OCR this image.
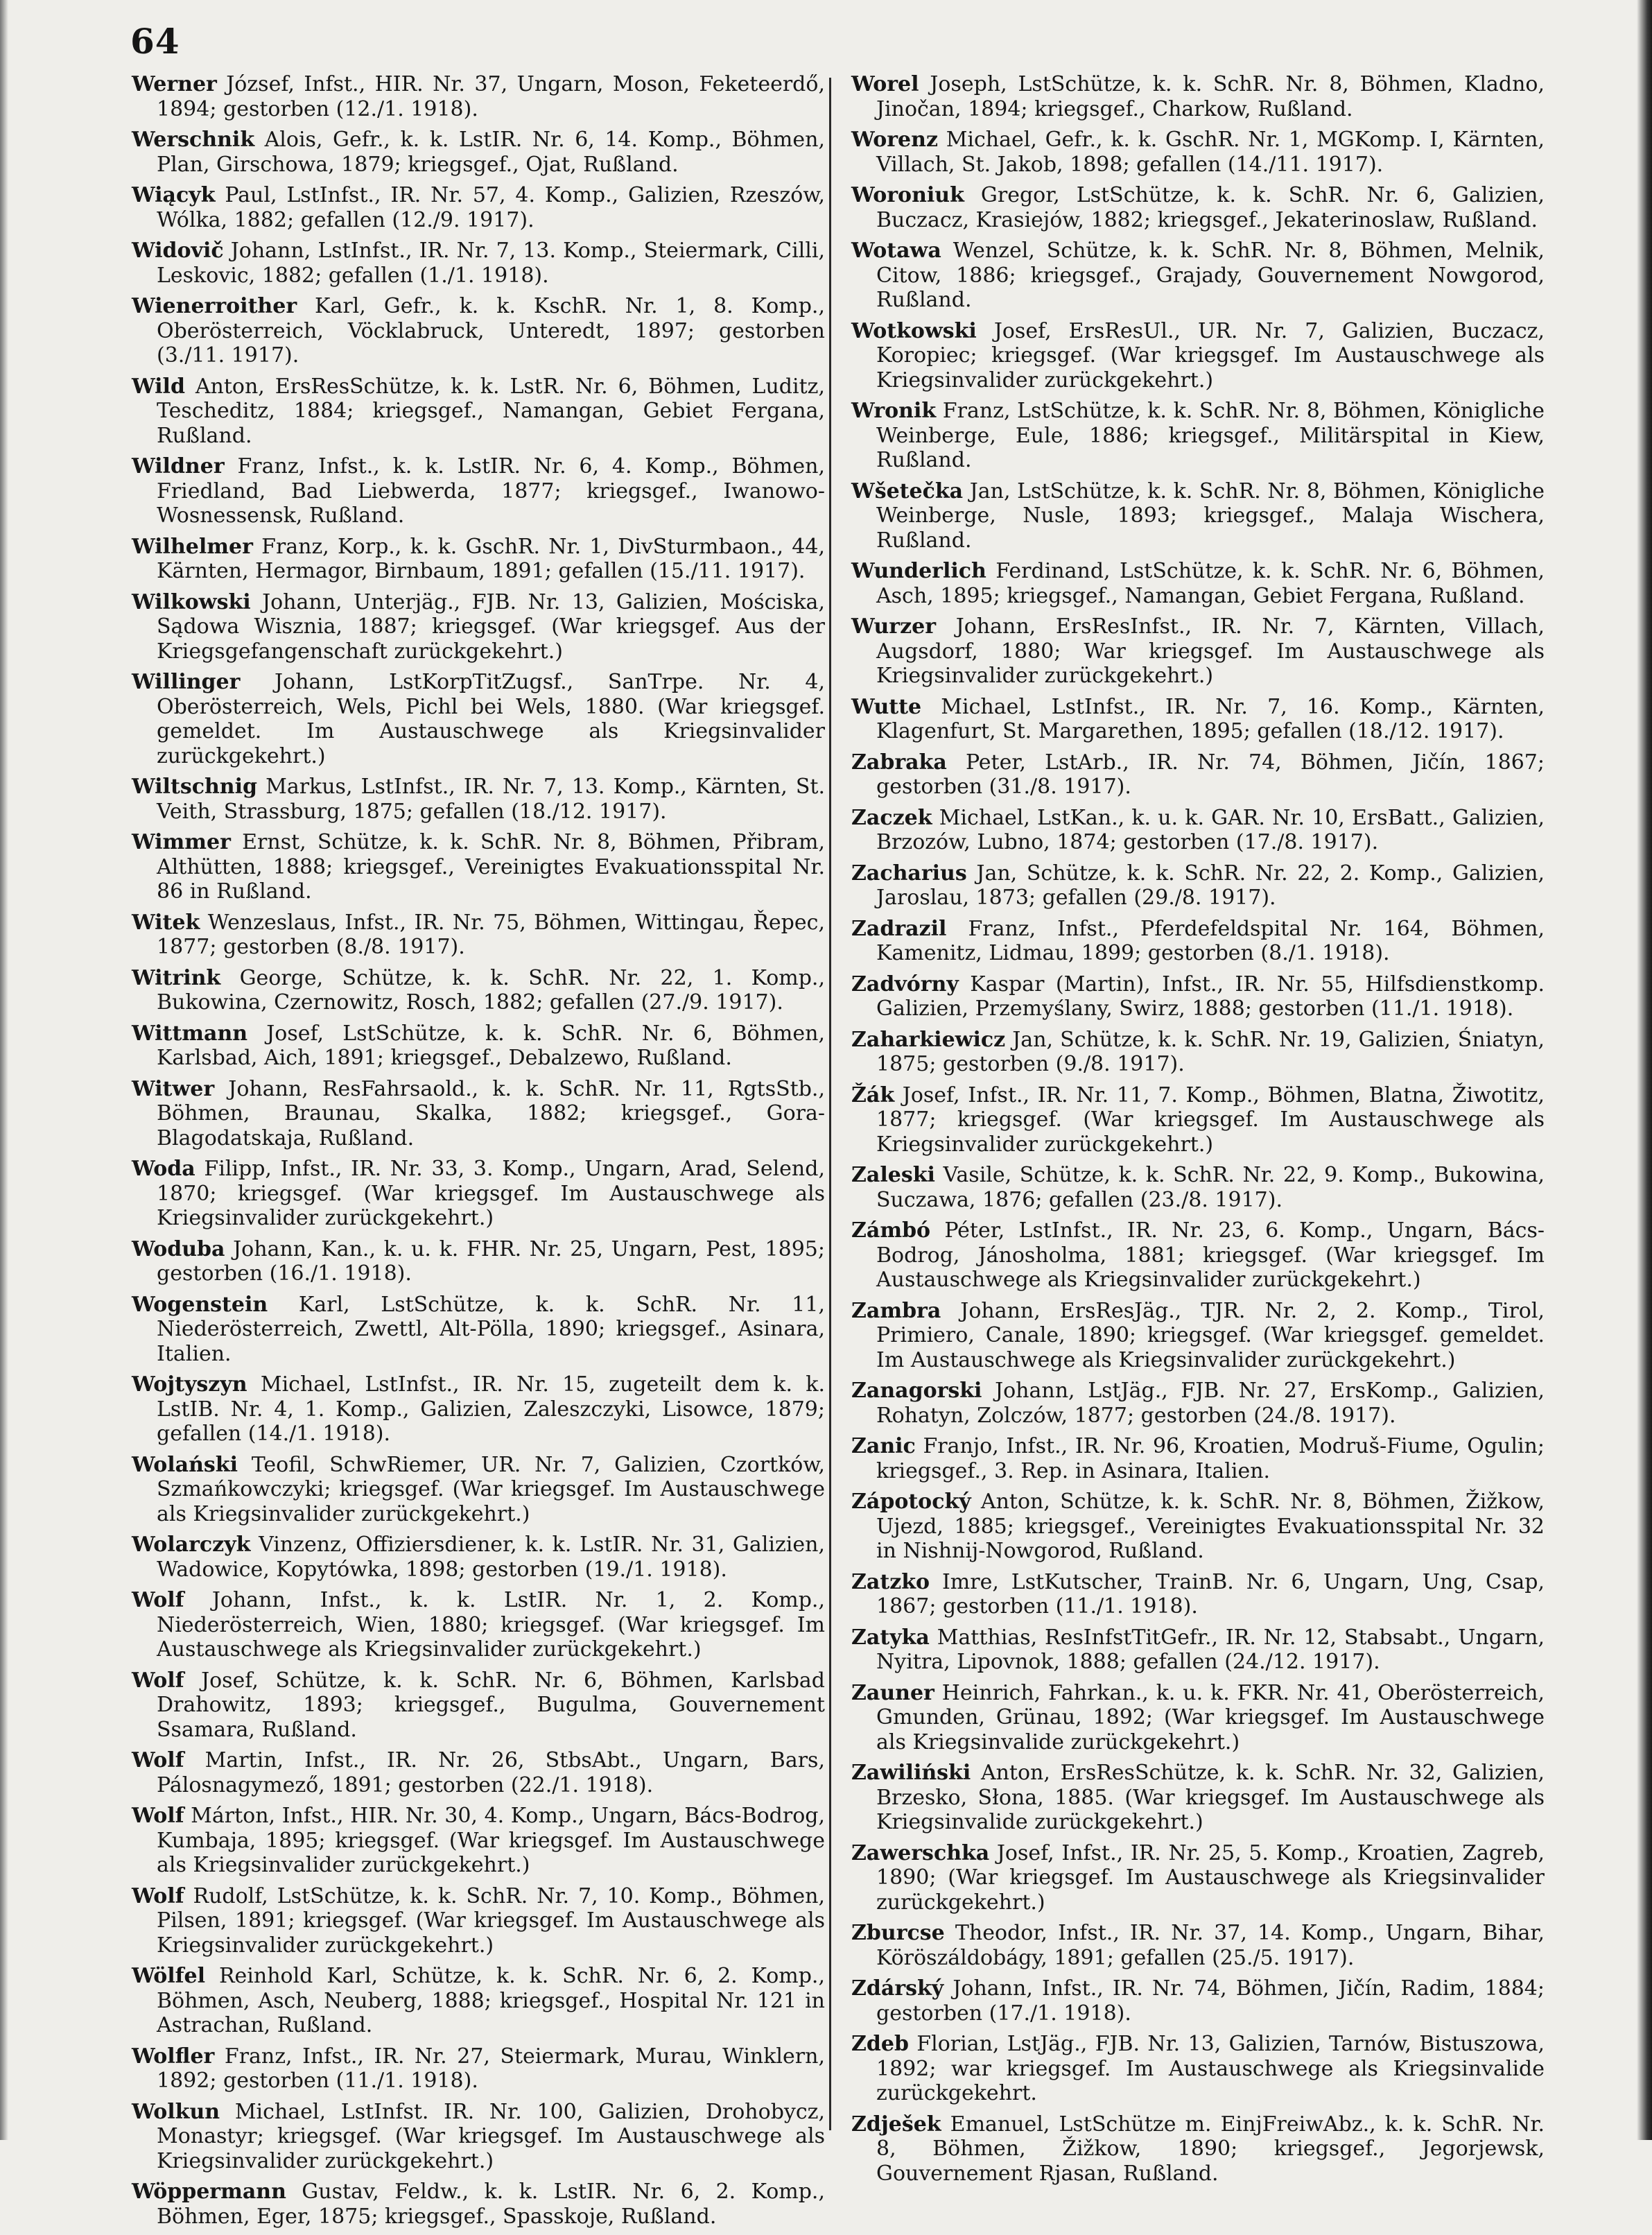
64
Werner József, Infst., HIR. Nr. 37, Ungarn, Moson, Feketeerdő, 1894; gestorben (12./1. 1918).
Werschnik Alois, Gefr., k. k. LstIR. Nr. 6, 14. Komp., Böhmen, Plan, Girschowa, 1879; kriegsgef., Ojat, Rußland.
Wiącyk Paul, LstInfst., IR. Nr. 57, 4. Komp., Galizien, Rzeszów, Wólka, 1882; gefallen (12./9. 1917).
Widovič Johann, LstInfst., IR. Nr. 7, 13. Komp., Steiermark, Cilli, Leskovic, 1882; gefallen (1./1. 1918).
Wienerroither Karl, Gefr., k. k. KschR. Nr. 1, 8. Komp., Oberösterreich, Vöcklabruck, Unteredt, 1897; gestorben (3./11. 1917).
Wild Anton, ErsResSchütze, k. k. LstR. Nr. 6, Böhmen, Luditz, Tescheditz, 1884; kriegsgef., Namangan, Gebiet Fergana, Rußland.
Wildner Franz, Infst., k. k. LstIR. Nr. 6, 4. Komp., Böhmen, Friedland, Bad Liebwerda, 1877; kriegsgef., Iwanowo-Wosnessensk, Rußland.
Wilhelmer Franz, Korp., k. k. GschR. Nr. 1, DivSturmbaon., 44, Kärnten, Hermagor, Birnbaum, 1891; gefallen (15./11. 1917).
Wilkowski Johann, Unterjäg., FJB. Nr. 13, Galizien, Mościska, Sądowa Wisznia, 1887; kriegsgef. (War kriegsgef. Aus der Kriegsgefangenschaft zurückgekehrt.)
Willinger Johann, LstKorpTitZugsf., SanTrpe. Nr. 4, Oberösterreich, Wels, Pichl bei Wels, 1880. (War kriegsgef. gemeldet. Im Austauschwege als Kriegsinvalider zurückgekehrt.)
Wiltschnig Markus, LstInfst., IR. Nr. 7, 13. Komp., Kärnten, St. Veith, Strassburg, 1875; gefallen (18./12. 1917).
Wimmer Ernst, Schütze, k. k. SchR. Nr. 8, Böhmen, Přibram, Althütten, 1888; kriegsgef., Vereinigtes Evakuationsspital Nr. 86 in Rußland.
Witek Wenzeslaus, Infst., IR. Nr. 75, Böhmen, Wittingau, Řepec, 1877; gestorben (8./8. 1917).
Witrink George, Schütze, k. k. SchR. Nr. 22, 1. Komp., Bukowina, Czernowitz, Rosch, 1882; gefallen (27./9. 1917).
Wittmann Josef, LstSchütze, k. k. SchR. Nr. 6, Böhmen, Karlsbad, Aich, 1891; kriegsgef., Debalzewo, Rußland.
Witwer Johann, ResFahrsaold., k. k. SchR. Nr. 11, RgtsStb., Böhmen, Braunau, Skalka, 1882; kriegsgef., Gora-Blagodatskaja, Rußland.
Woda Filipp, Infst., IR. Nr. 33, 3. Komp., Ungarn, Arad, Selend, 1870; kriegsgef. (War kriegsgef. Im Austauschwege als Kriegsinvalider zurückgekehrt.)
Woduba Johann, Kan., k. u. k. FHR. Nr. 25, Ungarn, Pest, 1895; gestorben (16./1. 1918).
Wogenstein Karl, LstSchütze, k. k. SchR. Nr. 11, Niederösterreich, Zwettl, Alt-Pölla, 1890; kriegsgef., Asinara, Italien.
Wojtyszyn Michael, LstInfst., IR. Nr. 15, zugeteilt dem k. k. LstIB. Nr. 4, 1. Komp., Galizien, Zaleszczyki, Lisowce, 1879; gefallen (14./1. 1918).
Wolański Teofil, SchwRiemer, UR. Nr. 7, Galizien, Czortków, Szmańkowczyki; kriegsgef. (War kriegsgef. Im Austauschwege als Kriegsinvalider zurückgekehrt.)
Wolarczyk Vinzenz, Offiziersdiener, k. k. LstIR. Nr. 31, Galizien, Wadowice, Kopytówka, 1898; gestorben (19./1. 1918).
Wolf Johann, Infst., k. k. LstIR. Nr. 1, 2. Komp., Niederösterreich, Wien, 1880; kriegsgef. (War kriegsgef. Im Austauschwege als Kriegsinvalider zurückgekehrt.)
Wolf Josef, Schütze, k. k. SchR. Nr. 6, Böhmen, Karlsbad Drahowitz, 1893; kriegsgef., Bugulma, Gouvernement Ssamara, Rußland.
Wolf Martin, Infst., IR. Nr. 26, StbsAbt., Ungarn, Bars, Pálosnagymező, 1891; gestorben (22./1. 1918).
Wolf Márton, Infst., HIR. Nr. 30, 4. Komp., Ungarn, Bács-Bodrog, Kumbaja, 1895; kriegsgef. (War kriegsgef. Im Austauschwege als Kriegsinvalider zurückgekehrt.)
Wolf Rudolf, LstSchütze, k. k. SchR. Nr. 7, 10. Komp., Böhmen, Pilsen, 1891; kriegsgef. (War kriegsgef. Im Austauschwege als Kriegsinvalider zurückgekehrt.)
Wölfel Reinhold Karl, Schütze, k. k. SchR. Nr. 6, 2. Komp., Böhmen, Asch, Neuberg, 1888; kriegsgef., Hospital Nr. 121 in Astrachan, Rußland.
Wolfler Franz, Infst., IR. Nr. 27, Steiermark, Murau, Winklern, 1892; gestorben (11./1. 1918).
Wolkun Michael, LstInfst. IR. Nr. 100, Galizien, Drohobycz, Monastyr; kriegsgef. (War kriegsgef. Im Austauschwege als Kriegsinvalider zurückgekehrt.)
Wöppermann Gustav, Feldw., k. k. LstIR. Nr. 6, 2. Komp., Böhmen, Eger, 1875; kriegsgef., Spasskoje, Rußland.
Worel Joseph, LstSchütze, k. k. SchR. Nr. 8, Böhmen, Kladno, Jinočan, 1894; kriegsgef., Charkow, Rußland.
Worenz Michael, Gefr., k. k. GschR. Nr. 1, MGKomp. I, Kärnten, Villach, St. Jakob, 1898; gefallen (14./11. 1917).
Woroniuk Gregor, LstSchütze, k. k. SchR. Nr. 6, Galizien, Buczacz, Krasiejów, 1882; kriegsgef., Jekaterinoslaw, Rußland.
Wotawa Wenzel, Schütze, k. k. SchR. Nr. 8, Böhmen, Melnik, Citow, 1886; kriegsgef., Grajady, Gouvernement Nowgorod, Rußland.
Wotkowski Josef, ErsResUl., UR. Nr. 7, Galizien, Buczacz, Koropiec; kriegsgef. (War kriegsgef. Im Austauschwege als Kriegsinvalider zurückgekehrt.)
Wronik Franz, LstSchütze, k. k. SchR. Nr. 8, Böhmen, Königliche Weinberge, Eule, 1886; kriegsgef., Militärspital in Kiew, Rußland.
Wšetečka Jan, LstSchütze, k. k. SchR. Nr. 8, Böhmen, Königliche Weinberge, Nusle, 1893; kriegsgef., Malaja Wischera, Rußland.
Wunderlich Ferdinand, LstSchütze, k. k. SchR. Nr. 6, Böhmen, Asch, 1895; kriegsgef., Namangan, Gebiet Fergana, Rußland.
Wurzer Johann, ErsResInfst., IR. Nr. 7, Kärnten, Villach, Augsdorf, 1880; War kriegsgef. Im Austauschwege als Kriegsinvalider zurückgekehrt.)
Wutte Michael, LstInfst., IR. Nr. 7, 16. Komp., Kärnten, Klagenfurt, St. Margarethen, 1895; gefallen (18./12. 1917).
Zabraka Peter, LstArb., IR. Nr. 74, Böhmen, Jičín, 1867; gestorben (31./8. 1917).
Zaczek Michael, LstKan., k. u. k. GAR. Nr. 10, ErsBatt., Galizien, Brzozów, Lubno, 1874; gestorben (17./8. 1917).
Zacharius Jan, Schütze, k. k. SchR. Nr. 22, 2. Komp., Galizien, Jaroslau, 1873; gefallen (29./8. 1917).
Zadrazil Franz, Infst., Pferdefeldspital Nr. 164, Böhmen, Kamenitz, Lidmau, 1899; gestorben (8./1. 1918).
Zadvórny Kaspar (Martin), Infst., IR. Nr. 55, Hilfsdienstkomp. Galizien, Przemyślany, Swirz, 1888; gestorben (11./1. 1918).
Zaharkiewicz Jan, Schütze, k. k. SchR. Nr. 19, Galizien, Śniatyn, 1875; gestorben (9./8. 1917).
Žák Josef, Infst., IR. Nr. 11, 7. Komp., Böhmen, Blatna, Žiwotitz, 1877; kriegsgef. (War kriegsgef. Im Austauschwege als Kriegsinvalider zurückgekehrt.)
Zaleski Vasile, Schütze, k. k. SchR. Nr. 22, 9. Komp., Bukowina, Suczawa, 1876; gefallen (23./8. 1917).
Zámbó Péter, LstInfst., IR. Nr. 23, 6. Komp., Ungarn, Bács-Bodrog, Jánosholma, 1881; kriegsgef. (War kriegsgef. Im Austauschwege als Kriegsinvalider zurückgekehrt.)
Zambra Johann, ErsResJäg., TJR. Nr. 2, 2. Komp., Tirol, Primiero, Canale, 1890; kriegsgef. (War kriegsgef. gemeldet. Im Austauschwege als Kriegsinvalider zurückgekehrt.)
Zanagorski Johann, LstJäg., FJB. Nr. 27, ErsKomp., Galizien, Rohatyn, Zolczów, 1877; gestorben (24./8. 1917).
Zanic Franjo, Infst., IR. Nr. 96, Kroatien, Modruš-Fiume, Ogulin; kriegsgef., 3. Rep. in Asinara, Italien.
Zápotocký Anton, Schütze, k. k. SchR. Nr. 8, Böhmen, Žižkow, Ujezd, 1885; kriegsgef., Vereinigtes Evakuationsspital Nr. 32 in Nishnij-Nowgorod, Rußland.
Zatzko Imre, LstKutscher, TrainB. Nr. 6, Ungarn, Ung, Csap, 1867; gestorben (11./1. 1918).
Zatyka Matthias, ResInfstTitGefr., IR. Nr. 12, Stabsabt., Ungarn, Nyitra, Lipovnok, 1888; gefallen (24./12. 1917).
Zauner Heinrich, Fahrkan., k. u. k. FKR. Nr. 41, Oberösterreich, Gmunden, Grünau, 1892; (War kriegsgef. Im Austauschwege als Kriegsinvalide zurückgekehrt.)
Zawiliński Anton, ErsResSchütze, k. k. SchR. Nr. 32, Galizien, Brzesko, Słona, 1885. (War kriegsgef. Im Austauschwege als Kriegsinvalide zurückgekehrt.)
Zawerschka Josef, Infst., IR. Nr. 25, 5. Komp., Kroatien, Zagreb, 1890; (War kriegsgef. Im Austauschwege als Kriegsinvalider zurückgekehrt.)
Zburcse Theodor, Infst., IR. Nr. 37, 14. Komp., Ungarn, Bihar, Köröszáldobágy, 1891; gefallen (25./5. 1917).
Zdárský Johann, Infst., IR. Nr. 74, Böhmen, Jičín, Radim, 1884; gestorben (17./1. 1918).
Zdeb Florian, LstJäg., FJB. Nr. 13, Galizien, Tarnów, Bistuszowa, 1892; war kriegsgef. Im Austauschwege als Kriegsinvalide zurückgekehrt.
Zdješek Emanuel, LstSchütze m. EinjFreiwAbz., k. k. SchR. Nr. 8, Böhmen, Žižkow, 1890; kriegsgef., Jegorjewsk, Gouvernement Rjasan, Rußland.
